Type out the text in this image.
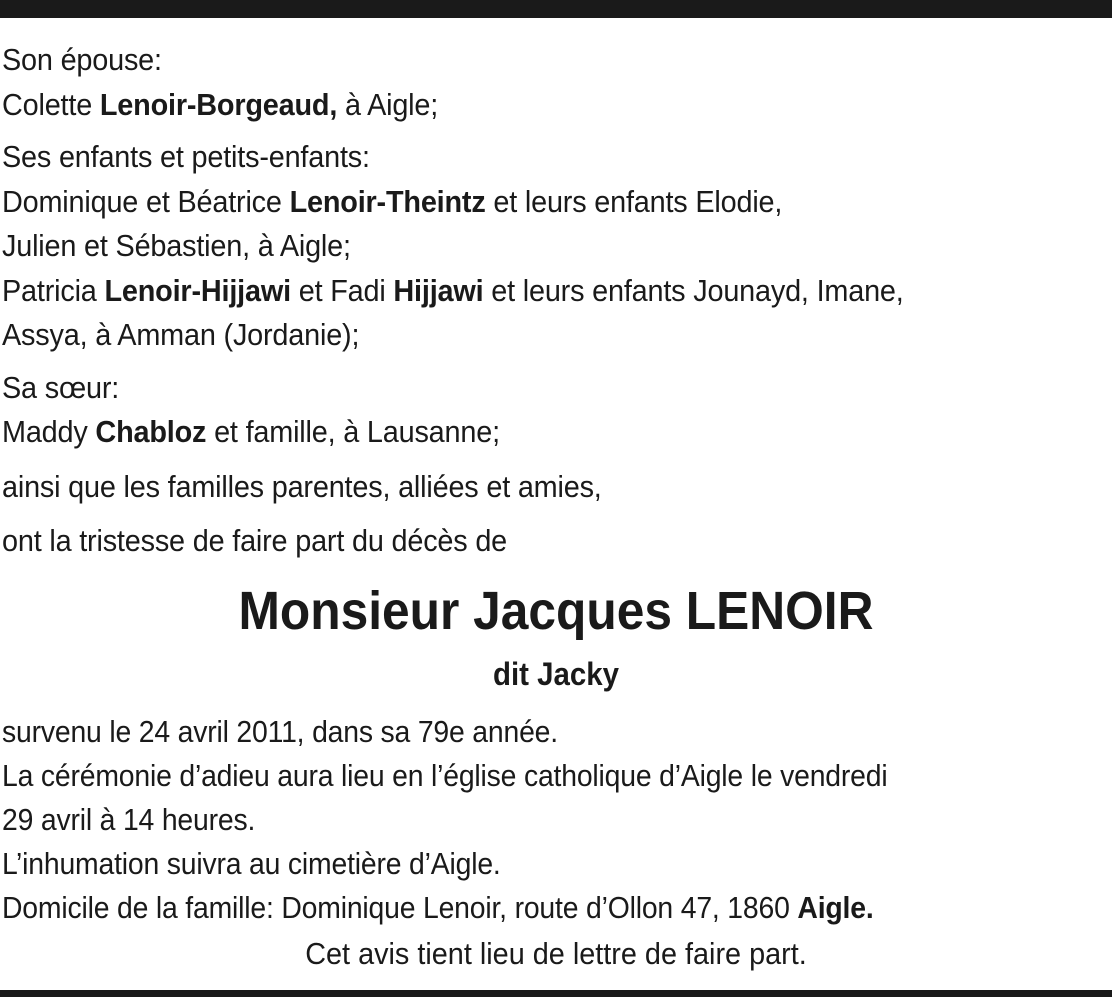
Son épouse:

Colette Lenoir-Borgeaud, à Aigle;

Ses enfants et petits-enfants:

Dominique et Béatrice Lenoir-Theintz et leurs enfants Elodie,

Julien et Sébastien, à Aigle;

Patricia Lenoir-Hijjawi et Fadi Hijjawi et leurs enfants Jounayd, Imane,

Assya, à Amman (Jordanie);

Sa sœur:

Maddy Chabloz et famille, à Lausanne;

ainsi que les familles parentes, alliées et amies,

ont la tristesse de faire part du décès de

Monsieur Jacques LENOIR
dit Jacky

survenu le 24 avril 2011, dans sa 79e année.

La cérémonie d’adieu aura lieu en l’église catholique d’Aigle le vendredi

29 avril à 14 heures.

L’inhumation suivra au cimetière d’Aigle.

Domicile de la famille: Dominique Lenoir, route d’Ollon 47, 1860 Aigle.

Cet avis tient lieu de lettre de faire part.
